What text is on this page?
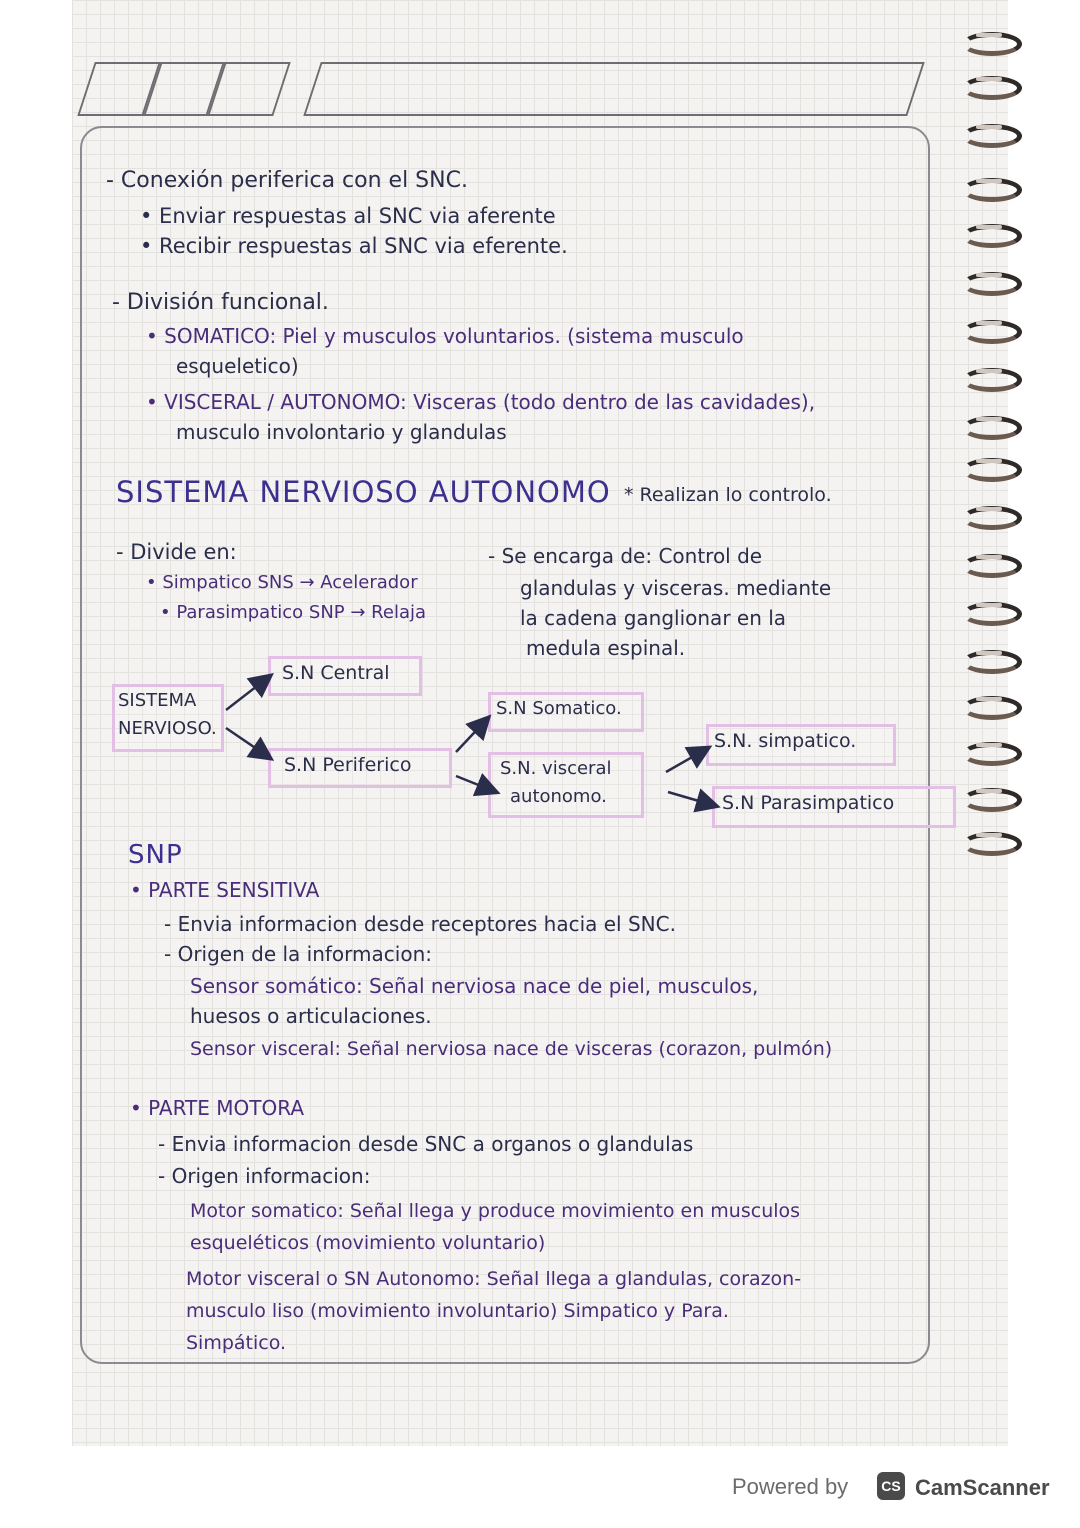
- Conexión periferica con el SNC.
• Enviar respuestas al SNC via aferente
• Recibir respuestas al SNC via eferente.
- División funcional.
• SOMATICO: Piel y musculos voluntarios. (sistema musculo
esqueletico)
• VISCERAL / AUTONOMO: Visceras (todo dentro de las cavidades),
musculo involontario y glandulas
SISTEMA NERVIOSO AUTONOMO * Realizan lo controlo.
- Divide en:
• Simpatico SNS → Acelerador
• Parasimpatico SNP → Relaja
- Se encarga de: Control de
glandulas y visceras. mediante
la cadena ganglionar en la
medula espinal.
SISTEMA
NERVIOSO.
S.N Central
S.N Periferico
S.N Somatico.
S.N. visceral
autonomo.
S.N. simpatico.
S.N Parasimpatico
SNP
• PARTE SENSITIVA
- Envia informacion desde receptores hacia el SNC.
- Origen de la informacion:
Sensor somático: Señal nerviosa nace de piel, musculos,
huesos o articulaciones.
Sensor visceral: Señal nerviosa nace de visceras (corazon, pulmón)
• PARTE MOTORA
- Envia informacion desde SNC a organos o glandulas
- Origen informacion:
Motor somatico: Señal llega y produce movimiento en musculos
esqueléticos (movimiento voluntario)
Motor visceral o SN Autonomo: Señal llega a glandulas, corazon-
musculo liso (movimiento involuntario) Simpatico y Para.
Simpático.
Powered by	CS CamScanner
